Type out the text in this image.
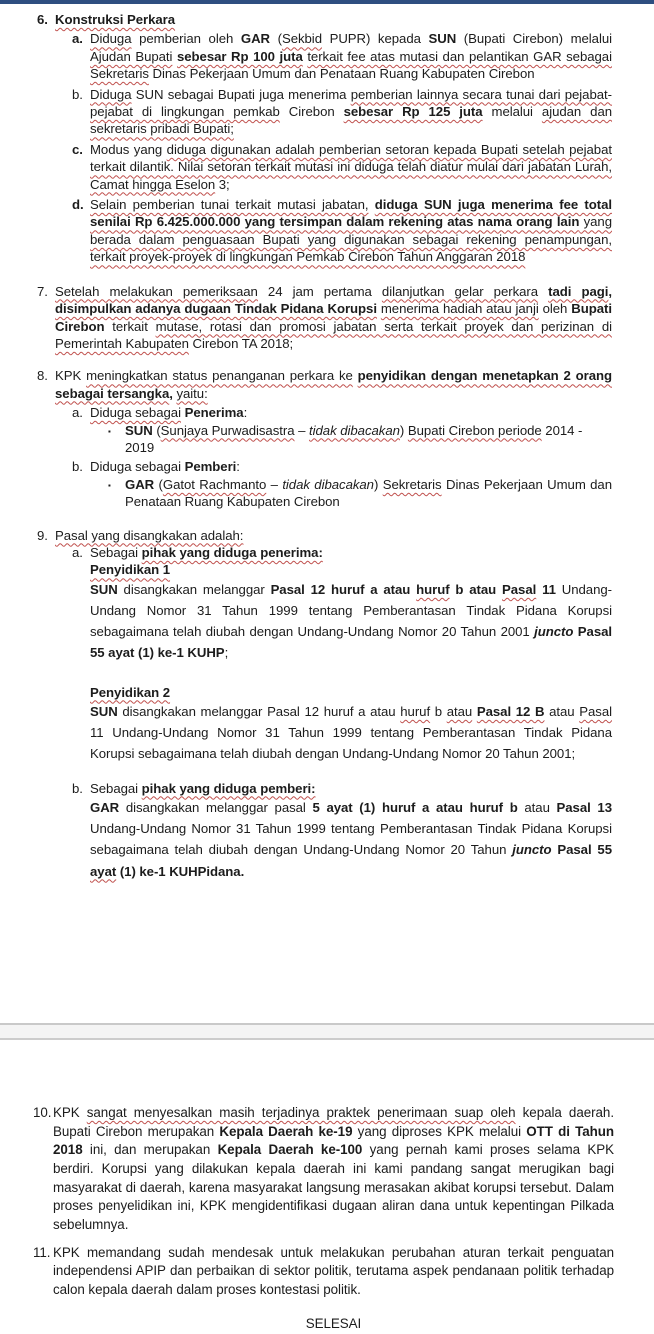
6. Konstruksi Perkara
a. Diduga pemberian oleh GAR (Sekbid PUPR) kepada SUN (Bupati Cirebon) melalui Ajudan Bupati sebesar Rp 100 juta terkait fee atas mutasi dan pelantikan GAR sebagai Sekretaris Dinas Pekerjaan Umum dan Penataan Ruang Kabupaten Cirebon
b. Diduga SUN sebagai Bupati juga menerima pemberian lainnya secara tunai dari pejabat-pejabat di lingkungan pemkab Cirebon sebesar Rp 125 juta melalui ajudan dan sekretaris pribadi Bupati;
c. Modus yang diduga digunakan adalah pemberian setoran kepada Bupati setelah pejabat terkait dilantik. Nilai setoran terkait mutasi ini diduga telah diatur mulai dari jabatan Lurah, Camat hingga Eselon 3;
d. Selain pemberian tunai terkait mutasi jabatan, diduga SUN juga menerima fee total senilai Rp 6.425.000.000 yang tersimpan dalam rekening atas nama orang lain yang berada dalam penguasaan Bupati yang digunakan sebagai rekening penampungan, terkait proyek-proyek di lingkungan Pemkab Cirebon Tahun Anggaran 2018
7. Setelah melakukan pemeriksaan 24 jam pertama dilanjutkan gelar perkara tadi pagi, disimpulkan adanya dugaan Tindak Pidana Korupsi menerima hadiah atau janji oleh Bupati Cirebon terkait mutase, rotasi dan promosi jabatan serta terkait proyek dan perizinan di Pemerintah Kabupaten Cirebon TA 2018;
8. KPK meningkatkan status penanganan perkara ke penyidikan dengan menetapkan 2 orang sebagai tersangka, yaitu:
a. Diduga sebagai Penerima:
▪ SUN (Sunjaya Purwadisastra – tidak dibacakan) Bupati Cirebon periode 2014 - 2019
b. Diduga sebagai Pemberi:
▪ GAR (Gatot Rachmanto – tidak dibacakan) Sekretaris Dinas Pekerjaan Umum dan Penataan Ruang Kabupaten Cirebon
9. Pasal yang disangkakan adalah:
a. Sebagai pihak yang diduga penerima:
Penyidikan 1
SUN disangkakan melanggar Pasal 12 huruf a atau huruf b atau Pasal 11 Undang-Undang Nomor 31 Tahun 1999 tentang Pemberantasan Tindak Pidana Korupsi sebagaimana telah diubah dengan Undang-Undang Nomor 20 Tahun 2001 juncto Pasal 55 ayat (1) ke-1 KUHP;
Penyidikan 2
SUN disangkakan melanggar Pasal 12 huruf a atau huruf b atau Pasal 12 B atau Pasal 11 Undang-Undang Nomor 31 Tahun 1999 tentang Pemberantasan Tindak Pidana Korupsi sebagaimana telah diubah dengan Undang-Undang Nomor 20 Tahun 2001;
b. Sebagai pihak yang diduga pemberi:
GAR disangkakan melanggar pasal 5 ayat (1) huruf a atau huruf b atau Pasal 13 Undang-Undang Nomor 31 Tahun 1999 tentang Pemberantasan Tindak Pidana Korupsi sebagaimana telah diubah dengan Undang-Undang Nomor 20 Tahun juncto Pasal 55 ayat (1) ke-1 KUHPidana.
10. KPK sangat menyesalkan masih terjadinya praktek penerimaan suap oleh kepala daerah. Bupati Cirebon merupakan Kepala Daerah ke-19 yang diproses KPK melalui OTT di Tahun 2018 ini, dan merupakan Kepala Daerah ke-100 yang pernah kami proses selama KPK berdiri. Korupsi yang dilakukan kepala daerah ini kami pandang sangat merugikan bagi masyarakat di daerah, karena masyarakat langsung merasakan akibat korupsi tersebut. Dalam proses penyelidikan ini, KPK mengidentifikasi dugaan aliran dana untuk kepentingan Pilkada sebelumnya.
11. KPK memandang sudah mendesak untuk melakukan perubahan aturan terkait penguatan independensi APIP dan perbaikan di sektor politik, terutama aspek pendanaan politik terhadap calon kepala daerah dalam proses kontestasi politik.
SELESAI
